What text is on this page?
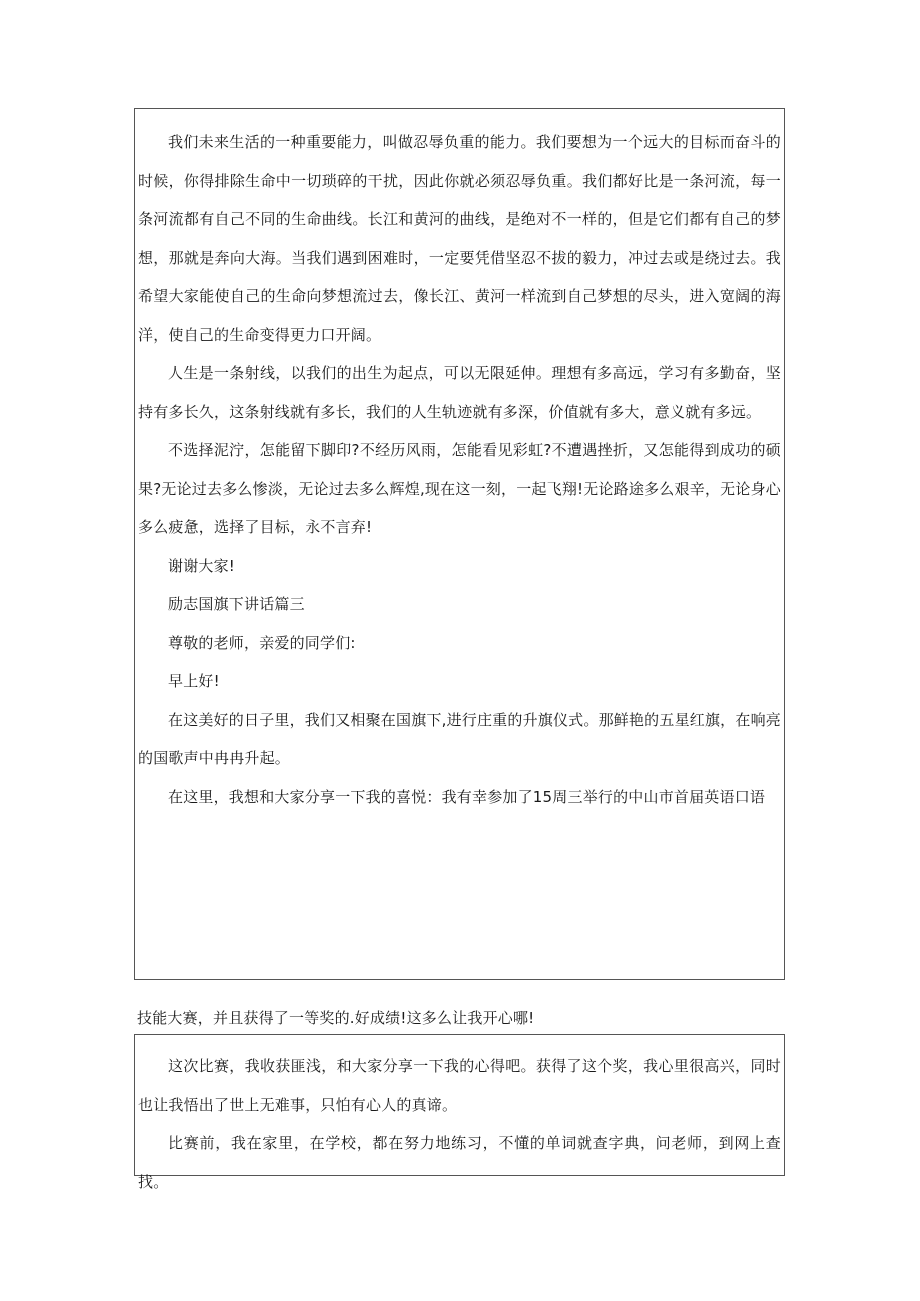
我们未来生活的一种重要能力，叫做忍辱负重的能力。我们要想为一个远大的目标而奋斗的时候，你得排除生命中一切琐碎的干扰，因此你就必须忍辱负重。我们都好比是一条河流，每一条河流都有自己不同的生命曲线。长江和黄河的曲线，是绝对不一样的，但是它们都有自己的梦想，那就是奔向大海。当我们遇到困难时，一定要凭借坚忍不拔的毅力，冲过去或是绕过去。我希望大家能使自己的生命向梦想流过去，像长江、黄河一样流到自己梦想的尽头，进入宽阔的海洋，使自己的生命变得更力口开阔。

人生是一条射线，以我们的出生为起点，可以无限延伸。理想有多高远，学习有多勤奋，坚持有多长久，这条射线就有多长，我们的人生轨迹就有多深，价值就有多大，意义就有多远。

不选择泥泞，怎能留下脚印?不经历风雨，怎能看见彩虹?不遭遇挫折，又怎能得到成功的硕果?无论过去多么惨淡，无论过去多么辉煌,现在这一刻，一起飞翔!无论路途多么艰辛，无论身心多么疲惫，选择了目标，永不言弃!

谢谢大家!

励志国旗下讲话篇三

尊敬的老师，亲爱的同学们:

早上好!

在这美好的日子里，我们又相聚在国旗下,进行庄重的升旗仪式。那鲜艳的五星红旗，在响亮的国歌声中冉冉升起。

在这里，我想和大家分享一下我的喜悦：我有幸参加了15周三举行的中山市首届英语口语

技能大赛，并且获得了一等奖的.好成绩!这多么让我开心哪!

这次比赛，我收获匪浅，和大家分享一下我的心得吧。获得了这个奖，我心里很高兴，同时也让我悟出了世上无难事，只怕有心人的真谛。

比赛前，我在家里，在学校，都在努力地练习，不懂的单词就查字典，问老师，到网上查找。
